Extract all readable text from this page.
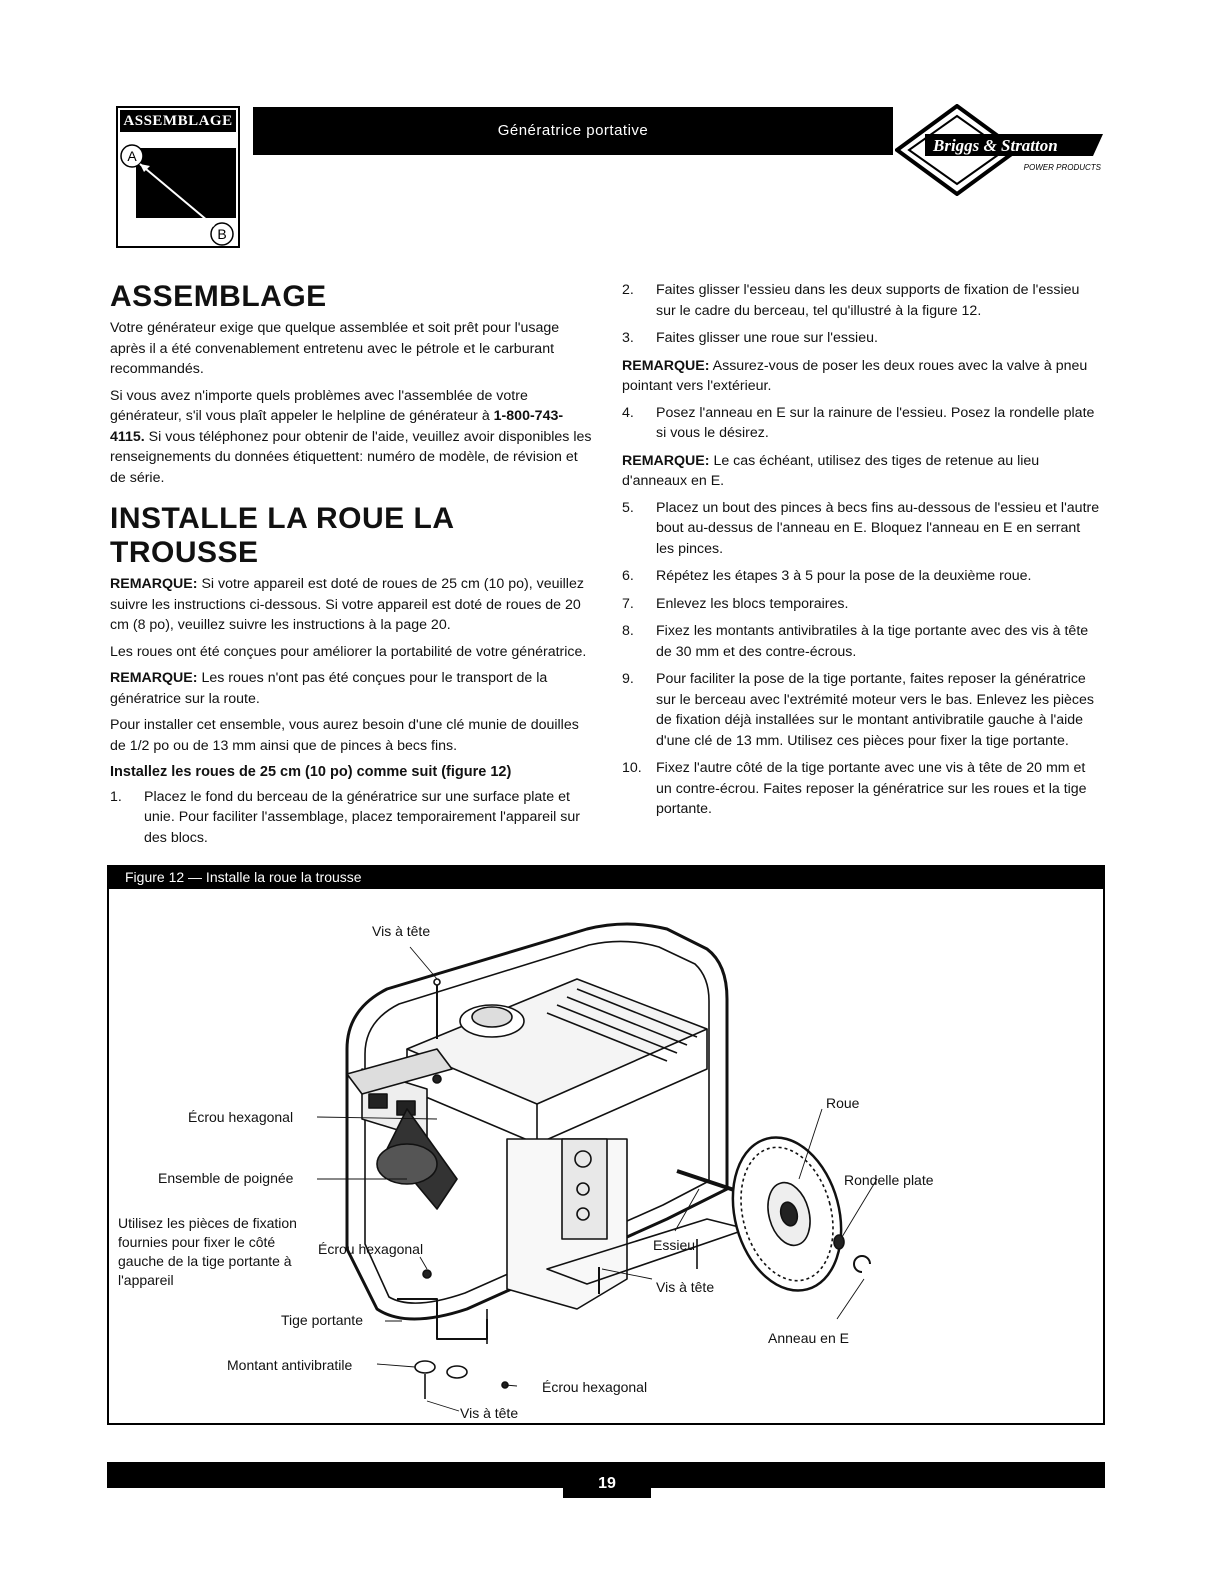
ASSEMBLAGE
A
B
Génératrice portative
Briggs & Stratton
POWER PRODUCTS
ASSEMBLAGE

Votre générateur exige que quelque assemblée et soit prêt pour l'usage après il a été convenablement entretenu avec le pétrole et le carburant recommandés.

Si vous avez n'importe quels problèmes avec l'assemblée de votre générateur, s'il vous plaît appeler le helpline de générateur à 1-800-743-4115. Si vous téléphonez pour obtenir de l'aide, veuillez avoir disponibles les renseignements du données étiquettent: numéro de modèle, de révision et de série.

INSTALLE LA ROUE LA TROUSSE

REMARQUE: Si votre appareil est doté de roues de 25 cm (10 po), veuillez suivre les instructions ci-dessous. Si votre appareil est doté de roues de 20 cm (8 po), veuillez suivre les instructions à la page 20.

Les roues ont été conçues pour améliorer la portabilité de votre génératrice.

REMARQUE: Les roues n'ont pas été conçues pour le transport de la génératrice sur la route.

Pour installer cet ensemble, vous aurez besoin d'une clé munie de douilles de 1/2 po ou de 13 mm ainsi que de pinces à becs fins.

Installez les roues de 25 cm (10 po) comme suit (figure 12)
1.	Placez le fond du berceau de la génératrice sur une surface plate et unie. Pour faciliter l'assemblage, placez temporairement l'appareil sur des blocs.
2.	Faites glisser l'essieu dans les deux supports de fixation de l'essieu sur le cadre du berceau, tel qu'illustré à la figure 12.
3.	Faites glisser une roue sur l'essieu.

REMARQUE: Assurez-vous de poser les deux roues avec la valve à pneu pointant vers l'extérieur.

4.	Posez l'anneau en E sur la rainure de l'essieu. Posez la rondelle plate si vous le désirez.

REMARQUE: Le cas échéant, utilisez des tiges de retenue au lieu d'anneaux en E.

5.	Placez un bout des pinces à becs fins au-dessous de l'essieu et l'autre bout au-dessus de l'anneau en E. Bloquez l'anneau en E en serrant les pinces.
6.	Répétez les étapes 3 à 5 pour la pose de la deuxième roue.
7.	Enlevez les blocs temporaires.
8.	Fixez les montants antivibratiles à la tige portante avec des vis à tête de 30 mm et des contre-écrous.
9.	Pour faciliter la pose de la tige portante, faites reposer la génératrice sur le berceau avec l'extrémité moteur vers le bas. Enlevez les pièces de fixation déjà installées sur le montant antivibratile gauche à l'aide d'une clé de 13 mm. Utilisez ces pièces pour fixer la tige portante.
10.	Fixez l'autre côté de la tige portante avec une vis à tête de 20 mm et un contre-écrou. Faites reposer la génératrice sur les roues et la tige portante.
Figure 12 — Installe la roue la trousse
Vis à tête
Écrou hexagonal
Ensemble de poignée
Utilisez les pièces de fixation fournies pour fixer le côté gauche de la tige portante à l'appareil
Écrou hexagonal
Tige portante
Montant antivibratile
Écrou hexagonal
Vis à tête
Roue
Rondelle plate
Essieu
Vis à tête
Anneau en E
19
